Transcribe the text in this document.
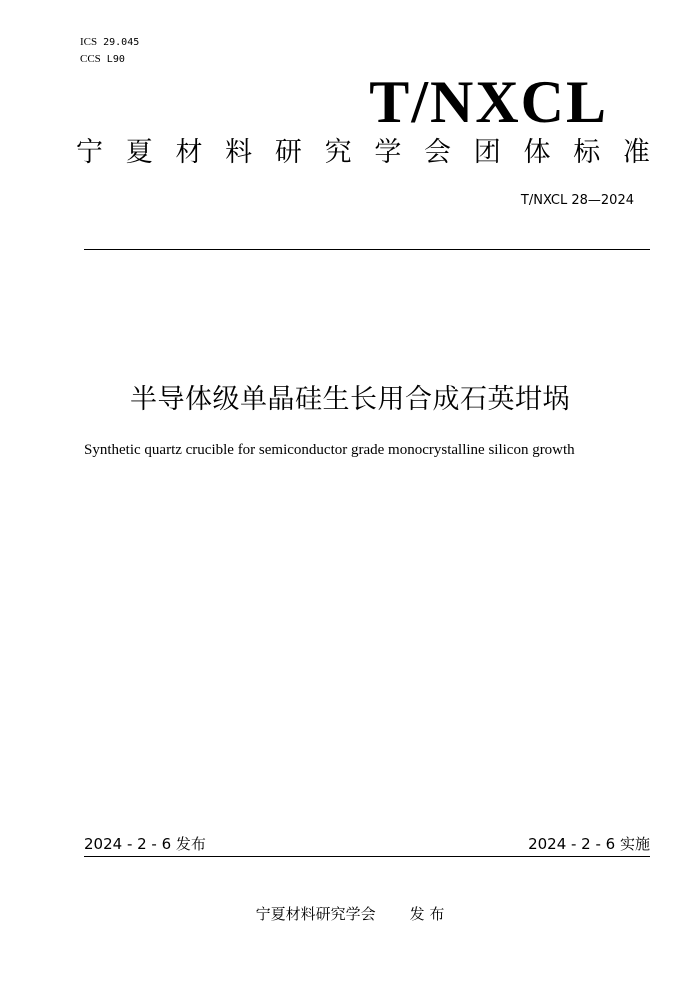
ICS 29.045
CCS L90
T/NXCL
宁 夏 材 料 研 究 学 会 团 体 标 准
T/NXCL 28—2024
半导体级单晶硅生长用合成石英坩埚
Synthetic quartz crucible for semiconductor grade monocrystalline silicon growth
2024 - 2 - 6 发布	2024 - 2 - 6 实施
宁夏材料研究学会 发 布
